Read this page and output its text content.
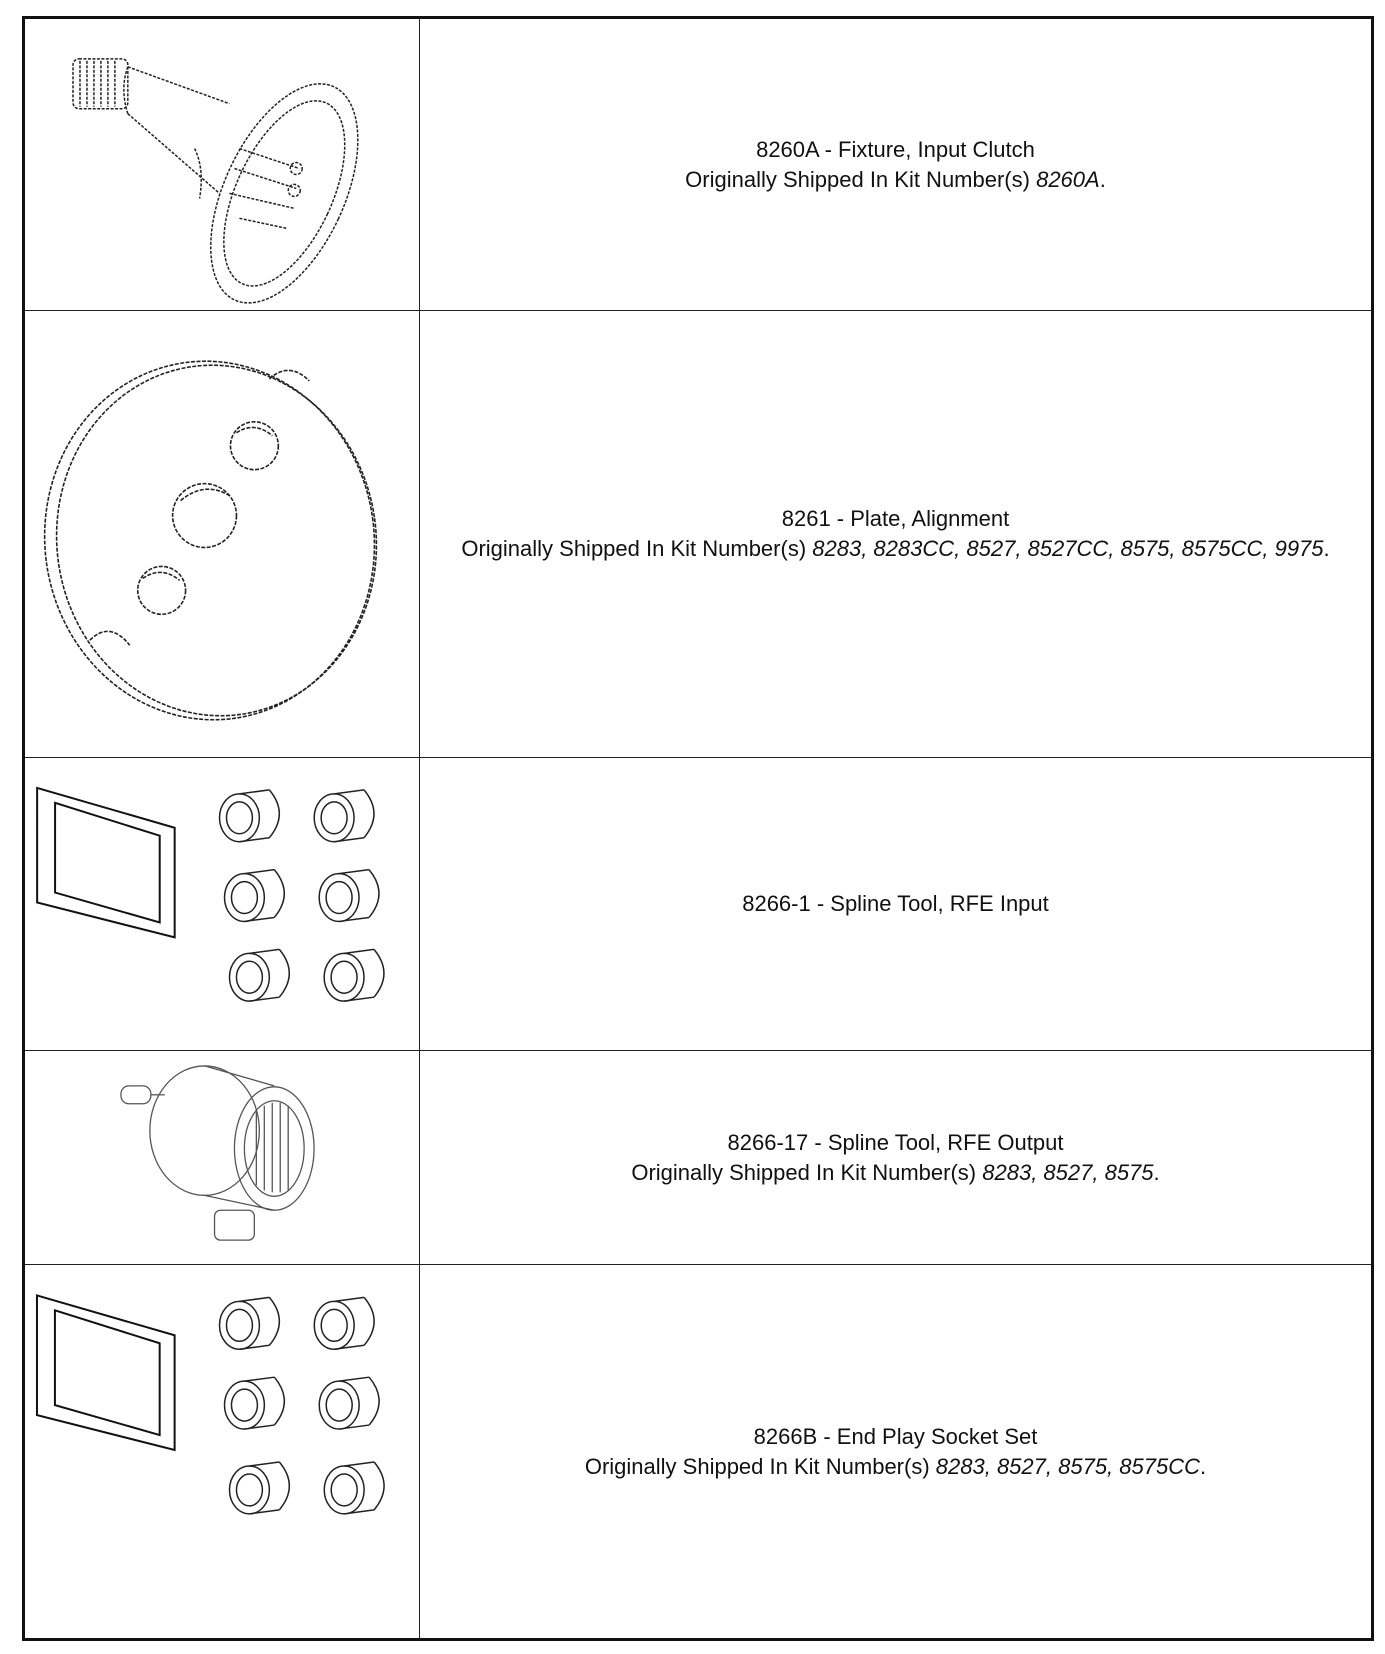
8260A - Fixture, Input Clutch
Originally Shipped In Kit Number(s) 8260A.
8261 - Plate, Alignment
Originally Shipped In Kit Number(s) 8283, 8283CC, 8527, 8527CC, 8575, 8575CC, 9975.
8266-1 - Spline Tool, RFE Input
8266-17 - Spline Tool, RFE Output
Originally Shipped In Kit Number(s) 8283, 8527, 8575.
8266B - End Play Socket Set
Originally Shipped In Kit Number(s) 8283, 8527, 8575, 8575CC.
